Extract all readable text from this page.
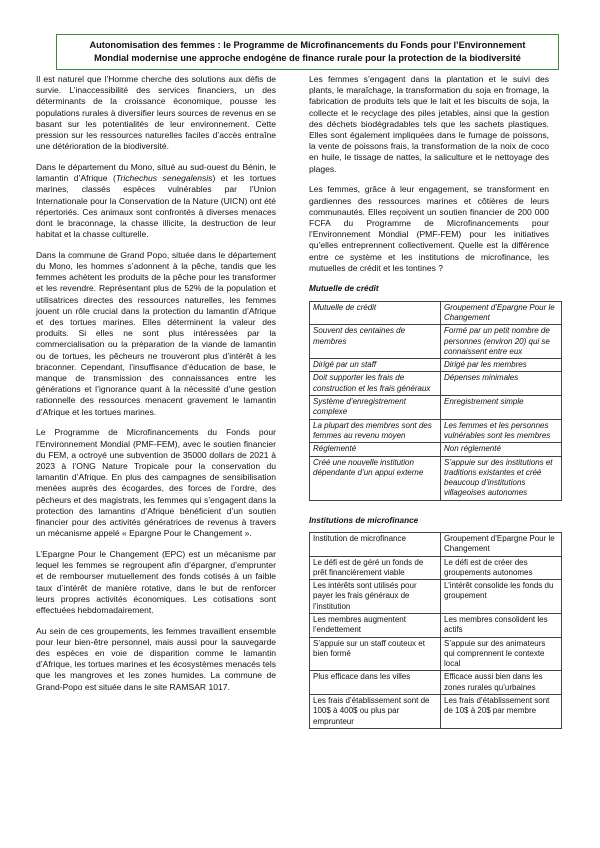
Autonomisation des femmes : le Programme de Microfinancements du Fonds pour l’Environnement
Mondial modernise une approche endogène de finance rurale pour la protection de la biodiversité

Il est naturel que l’Homme cherche des solutions aux défis de survie. L’inaccessibilité des services financiers, un des déterminants de la croissance économique, pousse les populations rurales à diversifier leurs sources de revenus en se basant sur les potentialités de leur environnement. Cette pression sur les ressources naturelles faciles d’accès entraîne une détérioration de la biodiversité.

Dans le département du Mono, situé au sud-ouest du Bénin, le lamantin d’Afrique (Trichechus senegalensis) et les tortues marines, classés espèces vulnérables par l’Union Internationale pour la Conservation de la Nature (UICN) ont été répertoriés. Ces animaux sont confrontés à diverses menaces dont le braconnage, la chasse illicite, la destruction de leur habitat et la chasse culturelle.

Dans la commune de Grand Popo, située dans le département du Mono, les hommes s’adonnent à la pêche, tandis que les femmes achètent les produits de la pêche pour les transformer et les revendre. Représentant plus de 52% de la population et utilisatrices directes des ressources naturelles, les femmes jouent un rôle crucial dans la protection du lamantin d’Afrique et des tortues marines. Elles déterminent la valeur des produits. Si elles ne sont plus intéressées par la commercialisation ou la préparation de la viande de lamantin ou de tortues, les pêcheurs ne trouveront plus d’intérêt à les braconner. Cependant, l’insuffisance d’éducation de base, le manque de transmission des connaissances entre les générations et l’ignorance quant à la nécessité d’une gestion rationnelle des ressources menacent gravement le lamantin d’Afrique et les tortues marines.

Le Programme de Microfinancements du Fonds pour l’Environnement Mondial (PMF-FEM), avec le soutien financier du FEM, a octroyé une subvention de 35000 dollars de 2021 à 2023 à l’ONG Nature Tropicale pour la conservation du lamantin d’Afrique. En plus des campagnes de sensibilisation menées auprès des écogardes, des forces de l’ordre, des pêcheurs et des magistrats, les femmes qui s’engagent dans la protection des lamantins d’Afrique bénéficient d’un soutien financier pour des activités génératrices de revenus à travers un mécanisme appelé « Epargne Pour le Changement ».

L’Epargne Pour le Changement (EPC) est un mécanisme par lequel les femmes se regroupent afin d’épargner, d’emprunter et de rembourser mutuellement des fonds cotisés à un faible taux d’intérêt de manière rotative, dans le but de renforcer leurs propres activités économiques. Les cotisations sont effectuées hebdomadairement.

Au sein de ces groupements, les femmes travaillent ensemble pour leur bien-être personnel, mais aussi pour la sauvegarde des espèces en voie de disparition comme le lamantin d’Afrique, les tortues marines et les écosystèmes menacés tels que les mangroves et les zones humides. La commune de Grand-Popo est située dans le site RAMSAR 1017.

Les femmes s’engagent dans la plantation et le suivi des plants, le maraîchage, la transformation du soja en fromage, la fabrication de produits tels que le lait et les biscuits de soja, la collecte et le recyclage des piles jetables, ainsi que la gestion des déchets biodégradables tels que les sachets plastiques. Elles sont également impliquées dans le fumage de poissons, la vente de poissons frais, la transformation de la noix de coco en huile, le tissage de nattes, la saliculture et le nettoyage des plages.

Les femmes, grâce à leur engagement, se transforment en gardiennes des ressources marines et côtières de leurs communautés. Elles reçoivent un soutien financier de 200 000 FCFA du Programme de Microfinancements pour l’Environnement Mondial (PMF-FEM) pour les initiatives qu’elles entreprennent collectivement. Quelle est la différence entre ce système et les institutions de microfinance, les mutuelles de crédit et les tontines ?

Mutuelle de crédit
Mutuelle de crédit	Groupement d’Epargne Pour le Changement
Souvent des centaines de membres	Formé par un petit nombre de personnes (environ 20) qui se connaissent entre eux
Dirigé par un staff	Dirigé par les membres
Doit supporter les frais de construction et les frais généraux	Dépenses minimales
Système d’enregistrement complexe	Enregistrement simple
La plupart des membres sont des femmes au revenu moyen	Les femmes et les personnes vulnérables sont les membres
Réglementé	Non réglementé
Créé une nouvelle institution dépendante d’un appui externe	S’appuie sur des institutions et traditions existantes et créé beaucoup d’institutions villageoises autonomes
Institutions de microfinance
Institution de microfinance	Groupement d’Epargne Pour le Changement
Le défi est de géré un fonds de prêt financièrement viable	Le défi est de créer des groupements autonomes
Les intérêts sont utilisés pour payer les frais généraux de l’institution	L’intérêt consolide les fonds du groupement
Les membres augmentent l’endettement	Les membres consolident les actifs
S’appuie sur un staff couteux et bien formé	S’appuie sur des animateurs qui comprennent le contexte local
Plus efficace dans les villes	Efficace aussi bien dans les zones rurales qu’urbaines
Les frais d’établissement sont de 100$ à 400$ ou plus par emprunteur	Les frais d’établissement sont de 10$ à 20$ par membre
